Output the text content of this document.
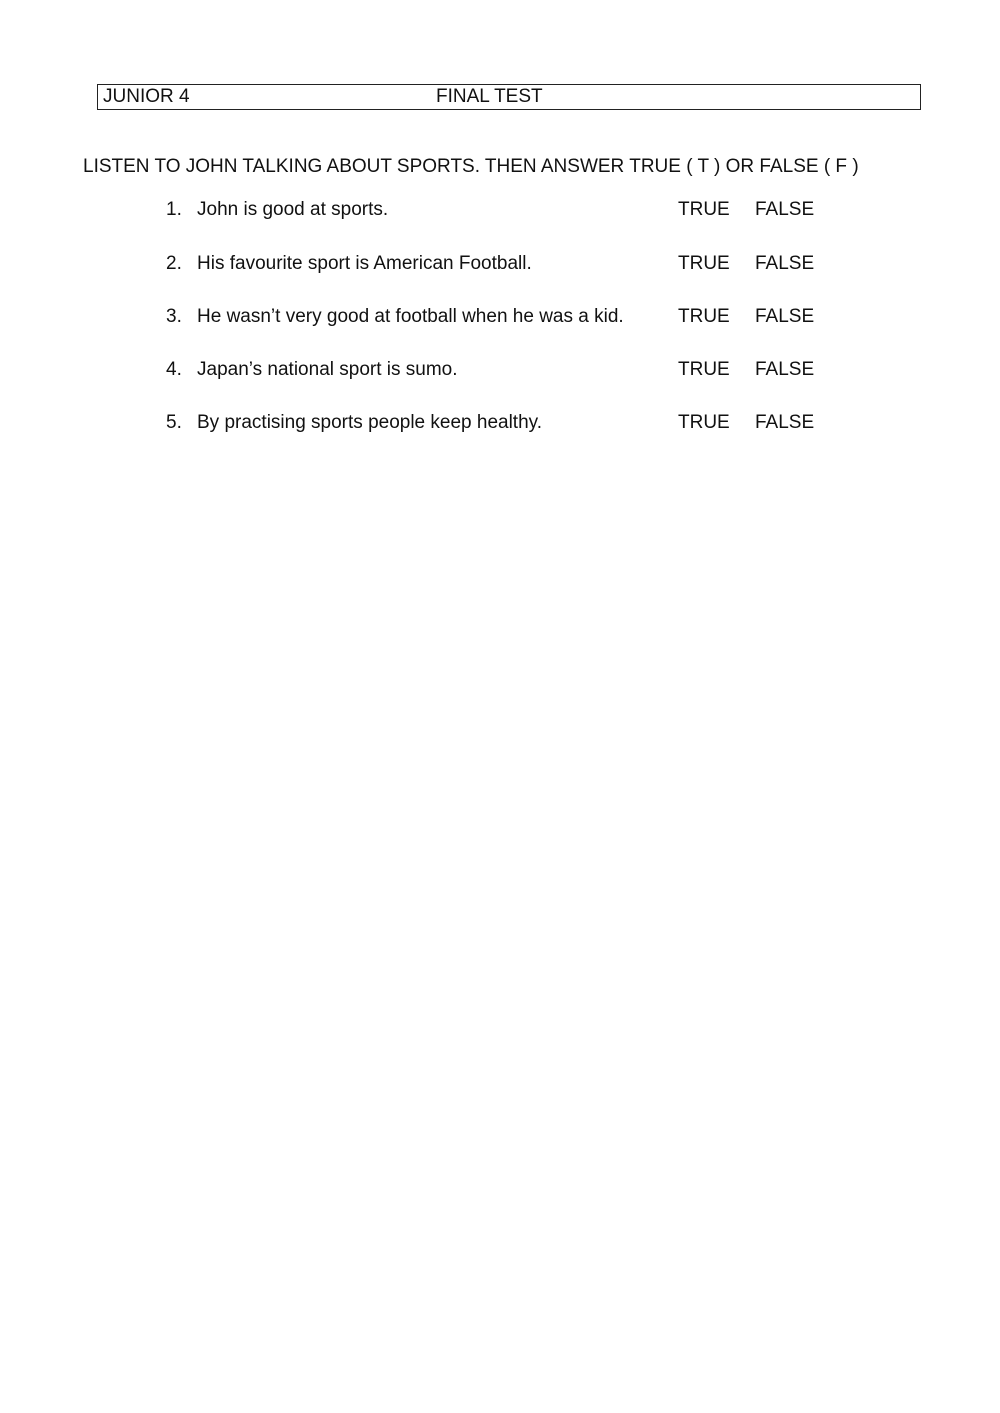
JUNIOR 4	FINAL TEST
LISTEN TO JOHN TALKING ABOUT SPORTS. THEN ANSWER TRUE ( T ) OR FALSE ( F )
1. John is good at sports.	TRUE FALSE
2. His favourite sport is American Football.	TRUE FALSE
3. He wasn’t very good at football when he was a kid.	TRUE FALSE
4. Japan’s national sport is sumo.	TRUE FALSE
5. By practising sports people keep healthy.	TRUE FALSE
